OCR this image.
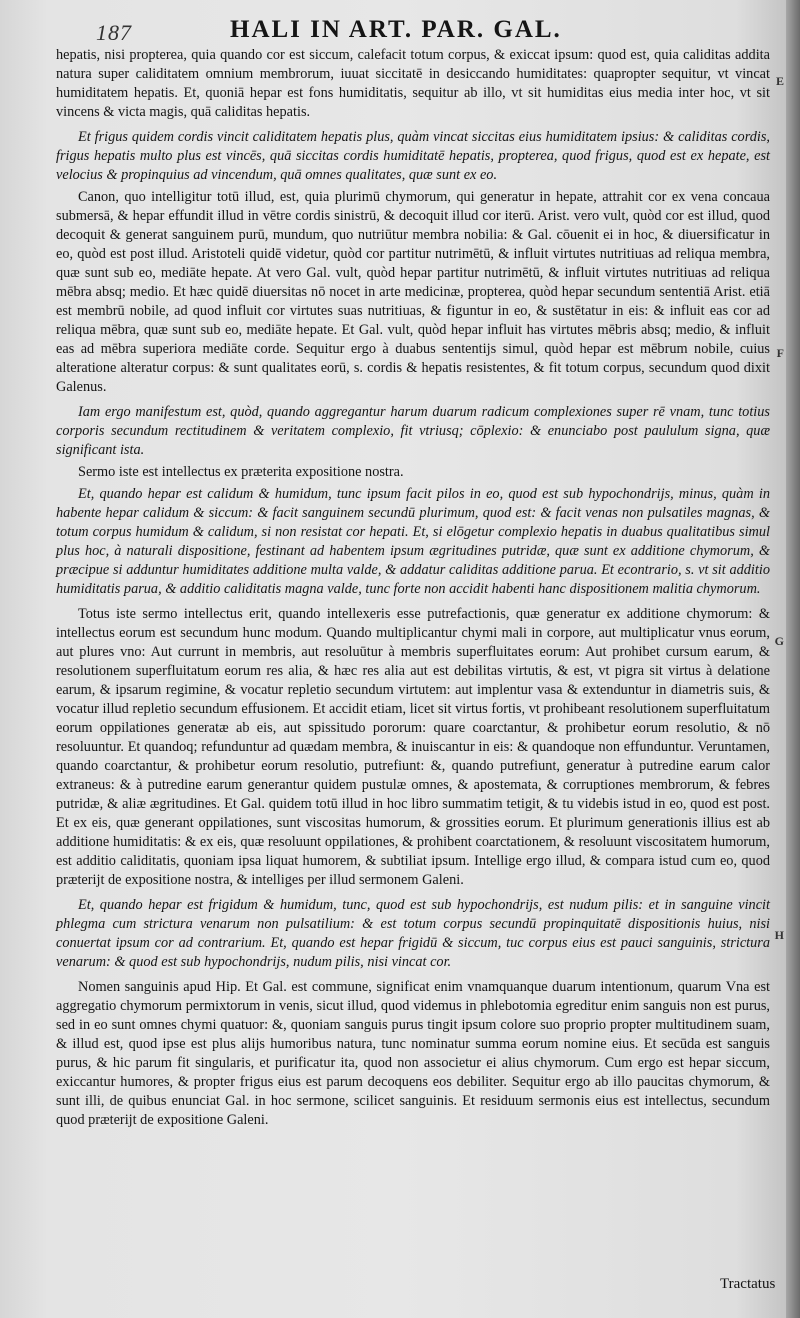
187	HALI IN ART. PAR. GAL.

hepatis, nisi propterea, quia quando cor est siccum, calefacit totum corpus, & exiccat ipsum: quod est, quia caliditas addita natura super caliditatem omnium membrorum, iuuat siccitatē in desiccando humiditates: quapropter sequitur, vt vincat humiditatem hepatis. Et, quoniā hepar est fons humiditatis, sequitur ab illo, vt sit humiditas eius media inter hoc, vt sit vincens & victa magis, quā caliditas hepatis.

Et frigus quidem cordis vincit caliditatem hepatis plus, quàm vincat siccitas eius humiditatem ipsius: & caliditas cordis, frigus hepatis multo plus est vincēs, quā siccitas cordis humiditatē hepatis, propterea, quod frigus, quod est ex hepate, est velocius & propinquius ad vincendum, quā omnes qualitates, quæ sunt ex eo.

Canon, quo intelligitur totū illud, est, quia plurimū chymorum, qui generatur in hepate, attrahit cor ex vena concaua submersā, & hepar effundit illud in vētre cordis sinistrū, & decoquit illud cor iterū. Arist. vero vult, quòd cor est illud, quod decoquit & generat sanguinem purū, mundum, quo nutriūtur membra nobilia: & Gal. cōuenit ei in hoc, & diuersificatur in eo, quòd est post illud. Aristoteli quidē videtur, quòd cor partitur nutrimētū, & influit virtutes nutritiuas ad reliqua membra, quæ sunt sub eo, mediāte hepate. At vero Gal. vult, quòd hepar partitur nutrimētū, & influit virtutes nutritiuas ad reliqua mēbra absq; medio. Et hæc quidē diuersitas nō nocet in arte medicinæ, propterea, quòd hepar secundum sententiā Arist. etiā est membrū nobile, ad quod influit cor virtutes suas nutritiuas, & figuntur in eo, & sustētatur in eis: & influit eas cor ad reliqua mēbra, quæ sunt sub eo, mediāte hepate. Et Gal. vult, quòd hepar influit has virtutes mēbris absq; medio, & influit eas ad mēbra superiora mediāte corde. Sequitur ergo à duabus sententijs simul, quòd hepar est mēbrum nobile, cuius alteratione alteratur corpus: & sunt qualitates eorū, s. cordis & hepatis resistentes, & fit totum corpus, secundum quod dixit Galenus.

Iam ergo manifestum est, quòd, quando aggregantur harum duarum radicum complexiones super rē vnam, tunc totius corporis secundum rectitudinem & veritatem complexio, fit vtriusq; cōplexio: & enunciabo post paululum signa, quæ significant ista.

Sermo iste est intellectus ex præterita expositione nostra.

Et, quando hepar est calidum & humidum, tunc ipsum facit pilos in eo, quod est sub hypochondrijs, minus, quàm in habente hepar calidum & siccum: & facit sanguinem secundū plurimum, quod est: & facit venas non pulsatiles magnas, & totum corpus humidum & calidum, si non resistat cor hepati. Et, si elōgetur complexio hepatis in duabus qualitatibus simul plus hoc, à naturali dispositione, festinant ad habentem ipsum ægritudines putridæ, quæ sunt ex additione chymorum, & præcipue si adduntur humiditates additione multa valde, & addatur caliditas additione parua. Et econtrario, s. vt sit additio humiditatis parua, & additio caliditatis magna valde, tunc forte non accidit habenti hanc dispositionem malitia chymorum.

Totus iste sermo intellectus erit, quando intellexeris esse putrefactionis, quæ generatur ex additione chymorum: & intellectus eorum est secundum hunc modum. Quando multiplicantur chymi mali in corpore, aut multiplicatur vnus eorum, aut plures vno: Aut currunt in membris, aut resoluūtur à membris superfluitates eorum: Aut prohibet cursum earum, & resolutionem superfluitatum eorum res alia, & hæc res alia aut est debilitas virtutis, & est, vt pigra sit virtus à delatione earum, & ipsarum regimine, & vocatur repletio secundum virtutem: aut implentur vasa & extenduntur in diametris suis, & vocatur illud repletio secundum effusionem. Et accidit etiam, licet sit virtus fortis, vt prohibeant resolutionem superfluitatum eorum oppilationes generatæ ab eis, aut spissitudo pororum: quare coarctantur, & prohibetur eorum resolutio, & nō resoluuntur. Et quandoq; refunduntur ad quædam membra, & inuiscantur in eis: & quandoque non effunduntur. Veruntamen, quando coarctantur, & prohibetur eorum resolutio, putrefiunt: &, quando putrefiunt, generatur à putredine earum calor extraneus: & à putredine earum generantur quidem pustulæ omnes, & apostemata, & corruptiones membrorum, & febres putridæ, & aliæ ægritudines. Et Gal. quidem totū illud in hoc libro summatim tetigit, & tu videbis istud in eo, quod est post. Et ex eis, quæ generant oppilationes, sunt viscositas humorum, & grossities eorum. Et plurimum generationis illius est ab additione humiditatis: & ex eis, quæ resoluunt oppilationes, & prohibent coarctationem, & resoluunt viscositatem humorum, est additio caliditatis, quoniam ipsa liquat humorem, & subtiliat ipsum. Intellige ergo illud, & compara istud cum eo, quod præterijt de expositione nostra, & intelliges per illud sermonem Galeni.

Et, quando hepar est frigidum & humidum, tunc, quod est sub hypochondrijs, est nudum pilis: et in sanguine vincit phlegma cum strictura venarum non pulsatilium: & est totum corpus secundū propinquitatē dispositionis huius, nisi conuertat ipsum cor ad contrarium. Et, quando est hepar frigidū & siccum, tuc corpus eius est pauci sanguinis, strictura venarum: & quod est sub hypochondrijs, nudum pilis, nisi vincat cor.

Nomen sanguinis apud Hip. Et Gal. est commune, significat enim vnamquanque duarum intentionum, quarum Vna est aggregatio chymorum permixtorum in venis, sicut illud, quod videmus in phlebotomia egreditur enim sanguis non est purus, sed in eo sunt omnes chymi quatuor: &, quoniam sanguis purus tingit ipsum colore suo proprio propter multitudinem suam, & illud est, quod ipse est plus alijs humoribus natura, tunc nominatur summa eorum nomine eius. Et secūda est sanguis purus, & hic parum fit singularis, et purificatur ita, quod non associetur ei alius chymorum. Cum ergo est hepar siccum, exiccantur humores, & propter frigus eius est parum decoquens eos debiliter. Sequitur ergo ab illo paucitas chymorum, & sunt illi, de quibus enunciat Gal. in hoc sermone, scilicet sanguinis. Et residuum sermonis eius est intellectus, secundum quod præterijt de expositione Galeni.

E
F
G
H
Tractatus
